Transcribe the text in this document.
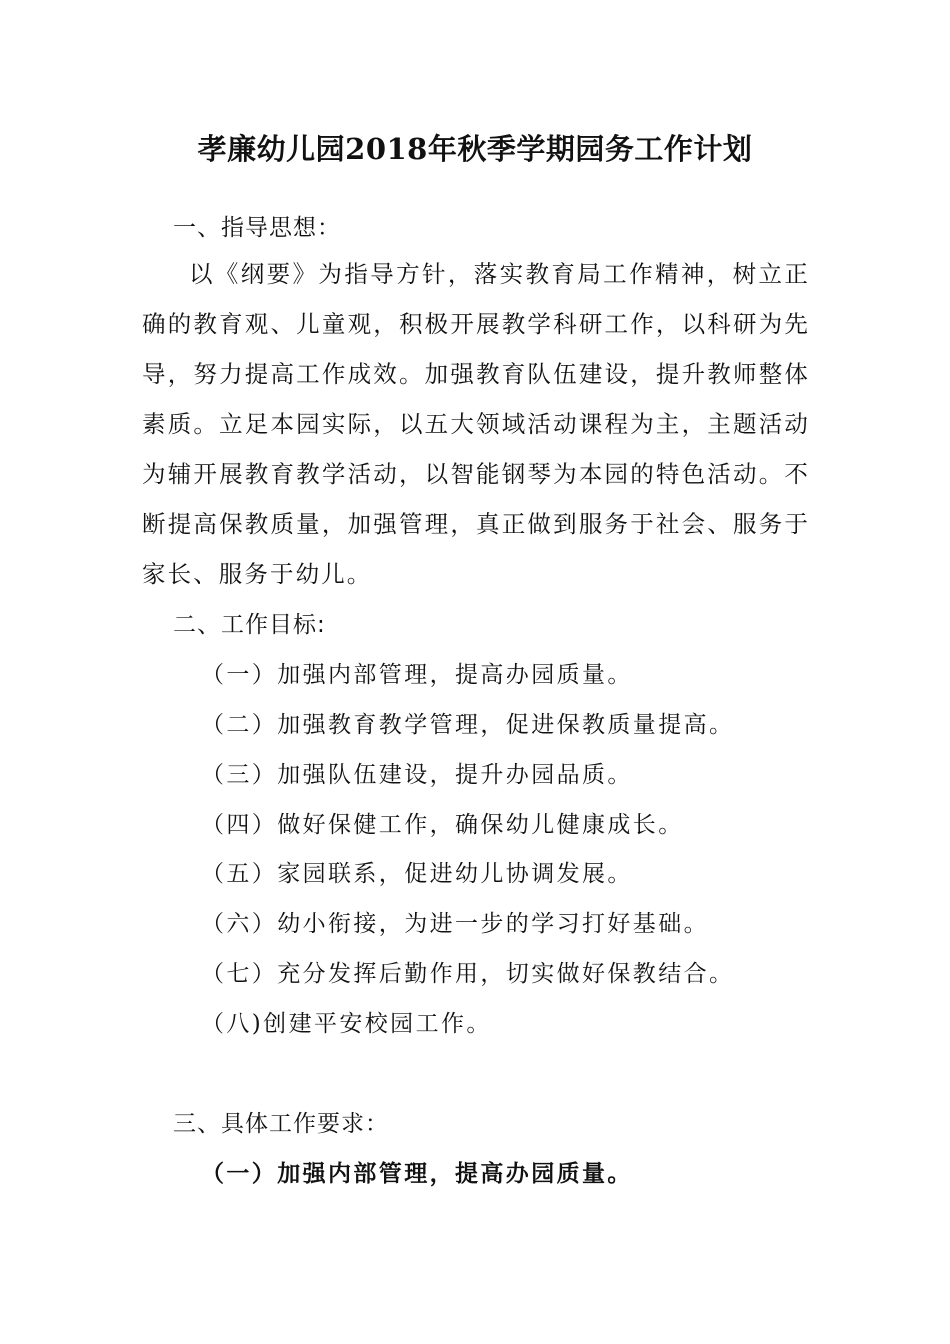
孝廉幼儿园2018年秋季学期园务工作计划
一、指导思想：
以《纲要》为指导方针，落实教育局工作精神，树立正确的教育观、儿童观，积极开展教学科研工作，以科研为先导，努力提高工作成效。加强教育队伍建设，提升教师整体素质。立足本园实际，以五大领域活动课程为主，主题活动为辅开展教育教学活动，以智能钢琴为本园的特色活动。不断提高保教质量，加强管理，真正做到服务于社会、服务于家长、服务于幼儿。
二、工作目标:
（一）加强内部管理，提高办园质量。
（二）加强教育教学管理，促进保教质量提高。
（三）加强队伍建设，提升办园品质。
（四）做好保健工作，确保幼儿健康成长。
（五）家园联系，促进幼儿协调发展。
（六）幼小衔接，为进一步的学习打好基础。
（七）充分发挥后勤作用，切实做好保教结合。
（八)创建平安校园工作。
三、具体工作要求：
（一）加强内部管理，提高办园质量。
